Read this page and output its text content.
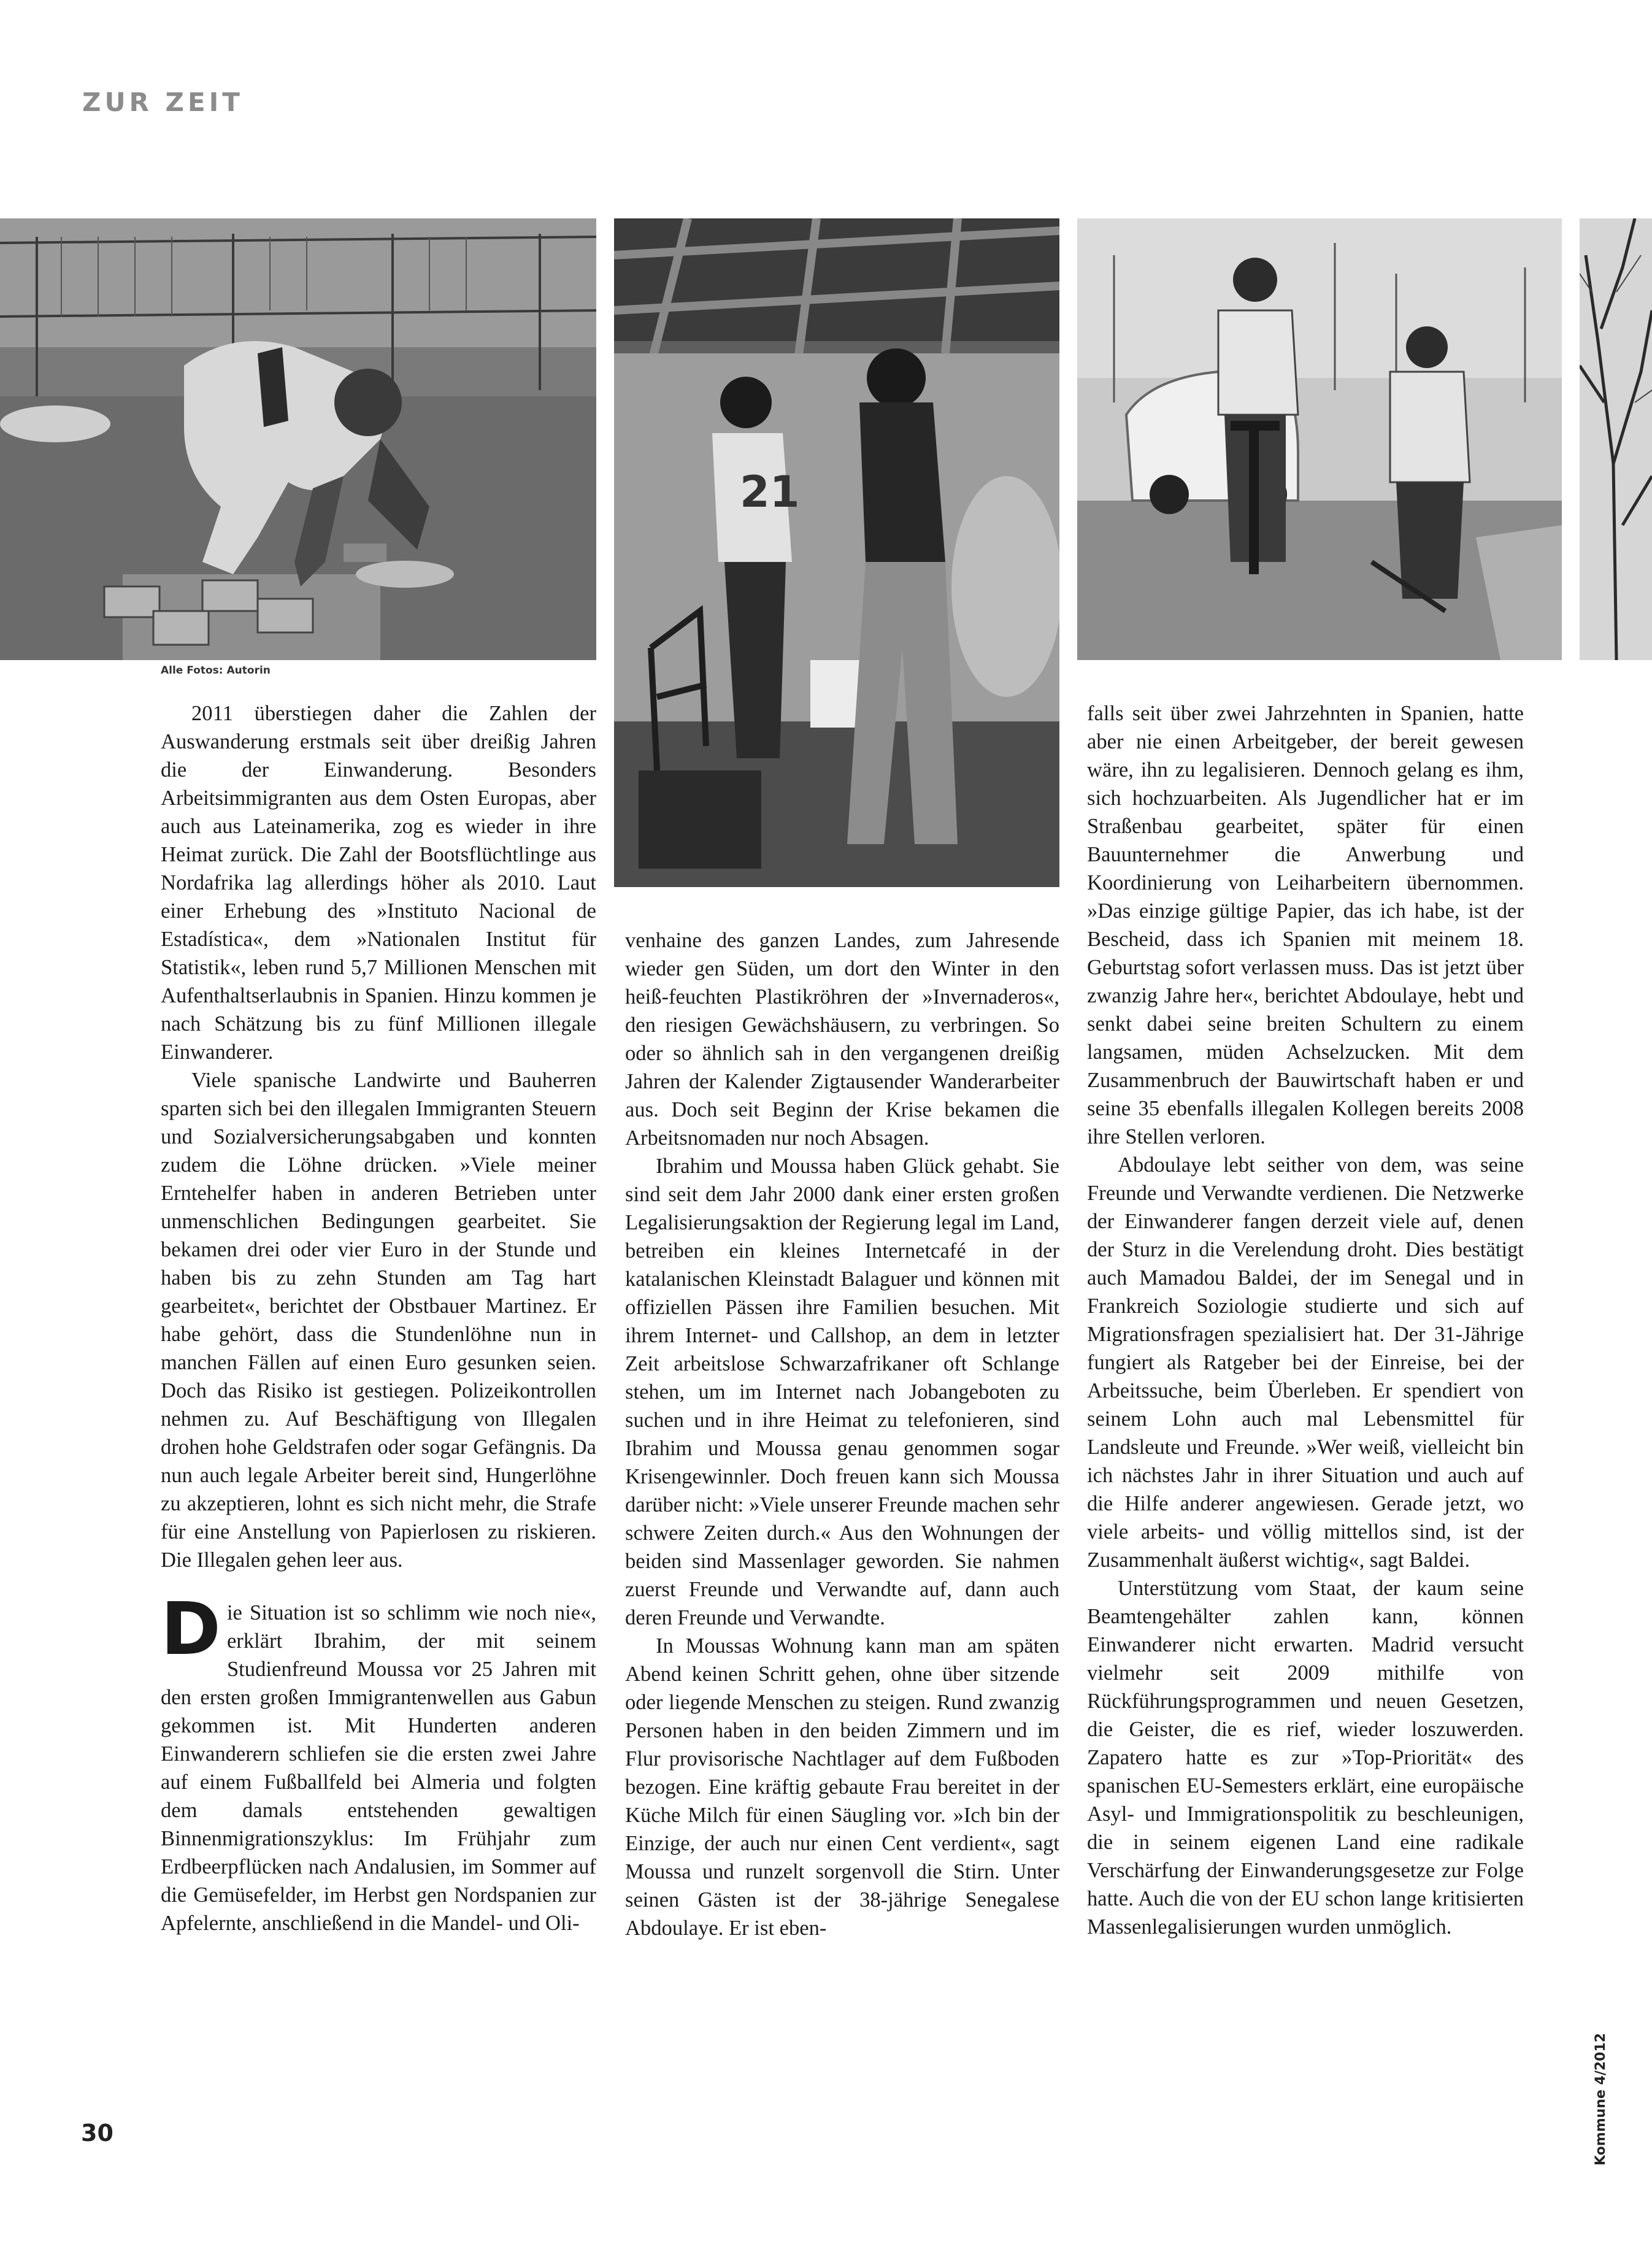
ZUR ZEIT
21
Alle Fotos: Autorin

2011 überstiegen daher die Zahlen der Auswanderung erstmals seit über dreißig Jahren die der Einwanderung. Besonders Arbeitsimmigranten aus dem Osten Europas, aber auch aus Lateinamerika, zog es wieder in ihre Heimat zurück. Die Zahl der Bootsflüchtlinge aus Nordafrika lag allerdings höher als 2010. Laut einer Erhebung des »Instituto Nacional de Estadística«, dem »Nationalen Institut für Statistik«, leben rund 5,7 Millionen Menschen mit Aufenthaltserlaubnis in Spanien. Hinzu kommen je nach Schätzung bis zu fünf Millionen illegale Einwanderer.

Viele spanische Landwirte und Bauherren sparten sich bei den illegalen Immigranten Steuern und Sozialversicherungsabgaben und konnten zudem die Löhne drücken. »Viele meiner Erntehelfer haben in anderen Betrieben unter unmenschlichen Bedingungen gearbeitet. Sie bekamen drei oder vier Euro in der Stunde und haben bis zu zehn Stunden am Tag hart gearbeitet«, berichtet der Obstbauer Martinez. Er habe gehört, dass die Stundenlöhne nun in manchen Fällen auf einen Euro gesunken seien. Doch das Risiko ist gestiegen. Polizeikontrollen nehmen zu. Auf Beschäftigung von Illegalen drohen hohe Geldstrafen oder sogar Gefängnis. Da nun auch legale Arbeiter bereit sind, Hungerlöhne zu akzeptieren, lohnt es sich nicht mehr, die Strafe für eine Anstellung von Papierlosen zu riskieren. Die Illegalen gehen leer aus.

Die Situation ist so schlimm wie noch nie«, erklärt Ibrahim, der mit seinem Studienfreund Moussa vor 25 Jahren mit den ersten großen Immigrantenwellen aus Gabun gekommen ist. Mit Hunderten anderen Einwanderern schliefen sie die ersten zwei Jahre auf einem Fußballfeld bei Almeria und folgten dem damals entstehenden gewaltigen Binnenmigrationszyklus: Im Frühjahr zum Erdbeerpflücken nach Andalusien, im Sommer auf die Gemüsefelder, im Herbst gen Nordspanien zur Apfelernte, anschließend in die Mandel- und Oli-

venhaine des ganzen Landes, zum Jahresende wieder gen Süden, um dort den Winter in den heiß-feuchten Plastikröhren der »Invernaderos«, den riesigen Gewächshäusern, zu verbringen. So oder so ähnlich sah in den vergangenen dreißig Jahren der Kalender Zigtausender Wanderarbeiter aus. Doch seit Beginn der Krise bekamen die Arbeitsnomaden nur noch Absagen.

Ibrahim und Moussa haben Glück gehabt. Sie sind seit dem Jahr 2000 dank einer ersten großen Legalisierungsaktion der Regierung legal im Land, betreiben ein kleines Internetcafé in der katalanischen Kleinstadt Balaguer und können mit offiziellen Pässen ihre Familien besuchen. Mit ihrem Internet- und Callshop, an dem in letzter Zeit arbeitslose Schwarzafrikaner oft Schlange stehen, um im Internet nach Jobangeboten zu suchen und in ihre Heimat zu telefonieren, sind Ibrahim und Moussa genau genommen sogar Krisengewinnler. Doch freuen kann sich Moussa darüber nicht: »Viele unserer Freunde machen sehr schwere Zeiten durch.« Aus den Wohnungen der beiden sind Massenlager geworden. Sie nahmen zuerst Freunde und Verwandte auf, dann auch deren Freunde und Verwandte.

In Moussas Wohnung kann man am späten Abend keinen Schritt gehen, ohne über sitzende oder liegende Menschen zu steigen. Rund zwanzig Personen haben in den beiden Zimmern und im Flur provisorische Nachtlager auf dem Fußboden bezogen. Eine kräftig gebaute Frau bereitet in der Küche Milch für einen Säugling vor. »Ich bin der Einzige, der auch nur einen Cent verdient«, sagt Moussa und runzelt sorgenvoll die Stirn. Unter seinen Gästen ist der 38-jährige Senegalese Abdoulaye. Er ist eben-

falls seit über zwei Jahrzehnten in Spanien, hatte aber nie einen Arbeitgeber, der bereit gewesen wäre, ihn zu legalisieren. Dennoch gelang es ihm, sich hochzuarbeiten. Als Jugendlicher hat er im Straßenbau gearbeitet, später für einen Bauunternehmer die Anwerbung und Koordinierung von Leiharbeitern übernommen. »Das einzige gültige Papier, das ich habe, ist der Bescheid, dass ich Spanien mit meinem 18. Geburtstag sofort verlassen muss. Das ist jetzt über zwanzig Jahre her«, berichtet Abdoulaye, hebt und senkt dabei seine breiten Schultern zu einem langsamen, müden Achselzucken. Mit dem Zusammenbruch der Bauwirtschaft haben er und seine 35 ebenfalls illegalen Kollegen bereits 2008 ihre Stellen verloren.

Abdoulaye lebt seither von dem, was seine Freunde und Verwandte verdienen. Die Netzwerke der Einwanderer fangen derzeit viele auf, denen der Sturz in die Verelendung droht. Dies bestätigt auch Mamadou Baldei, der im Senegal und in Frankreich Soziologie studierte und sich auf Migrationsfragen spezialisiert hat. Der 31-Jährige fungiert als Ratgeber bei der Einreise, bei der Arbeitssuche, beim Überleben. Er spendiert von seinem Lohn auch mal Lebensmittel für Landsleute und Freunde. »Wer weiß, vielleicht bin ich nächstes Jahr in ihrer Situation und auch auf die Hilfe anderer angewiesen. Gerade jetzt, wo viele arbeits- und völlig mittellos sind, ist der Zusammenhalt äußerst wichtig«, sagt Baldei.

Unterstützung vom Staat, der kaum seine Beamtengehälter zahlen kann, können Einwanderer nicht erwarten. Madrid versucht vielmehr seit 2009 mithilfe von Rückführungsprogrammen und neuen Gesetzen, die Geister, die es rief, wieder loszuwerden. Zapatero hatte es zur »Top-Priorität« des spanischen EU-Semesters erklärt, eine europäische Asyl- und Immigrationspolitik zu beschleunigen, die in seinem eigenen Land eine radikale Verschärfung der Einwanderungsgesetze zur Folge hatte. Auch die von der EU schon lange kritisierten Massenlegalisierungen wurden unmöglich.

30	Kommune 4/2012
